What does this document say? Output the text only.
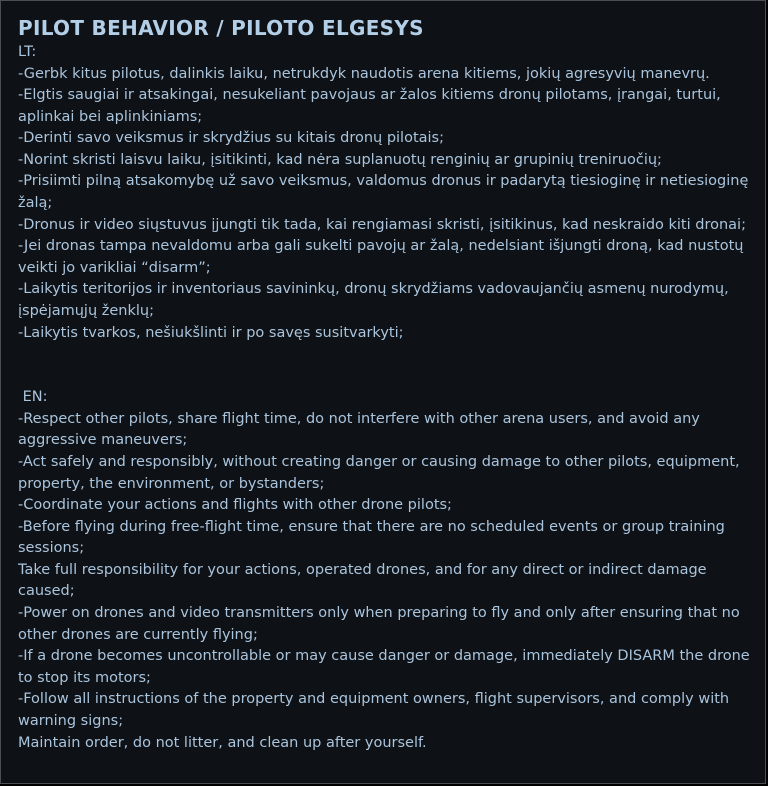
PILOT BEHAVIOR / PILOTO ELGESYS

LT:

-Gerbk kitus pilotus, dalinkis laiku, netrukdyk naudotis arena kitiems, jokių agresyvių manevrų.
-Elgtis saugiai ir atsakingai, nesukeliant pavojaus ar žalos kitiems dronų pilotams, įrangai, turtui, aplinkai bei aplinkiniams;
-Derinti savo veiksmus ir skrydžius su kitais dronų pilotais;
-Norint skristi laisvu laiku, įsitikinti, kad nėra suplanuotų renginių ar grupinių treniruočių;
-Prisiimti pilną atsakomybę už savo veiksmus, valdomus dronus ir padarytą tiesioginę ir netiesioginę žalą;
-Dronus ir video siųstuvus įjungti tik tada, kai rengiamasi skristi, įsitikinus, kad neskraido kiti dronai;
-Jei dronas tampa nevaldomu arba gali sukelti pavojų ar žalą, nedelsiant išjungti droną, kad nustotų veikti jo varikliai “disarm”;
-Laikytis teritorijos ir inventoriaus savininkų, dronų skrydžiams vadovaujančių asmenų nurodymų, įspėjamųjų ženklų;
-Laikytis tvarkos, nešiukšlinti ir po savęs susitvarkyti;

EN:

-Respect other pilots, share flight time, do not interfere with other arena users, and avoid any aggressive maneuvers;
-Act safely and responsibly, without creating danger or causing damage to other pilots, equipment, property, the environment, or bystanders;
-Coordinate your actions and flights with other drone pilots;
-Before flying during free-flight time, ensure that there are no scheduled events or group training sessions;
Take full responsibility for your actions, operated drones, and for any direct or indirect damage caused;
-Power on drones and video transmitters only when preparing to fly and only after ensuring that no other drones are currently flying;
-If a drone becomes uncontrollable or may cause danger or damage, immediately DISARM the drone to stop its motors;
-Follow all instructions of the property and equipment owners, flight supervisors, and comply with warning signs;
Maintain order, do not litter, and clean up after yourself.
